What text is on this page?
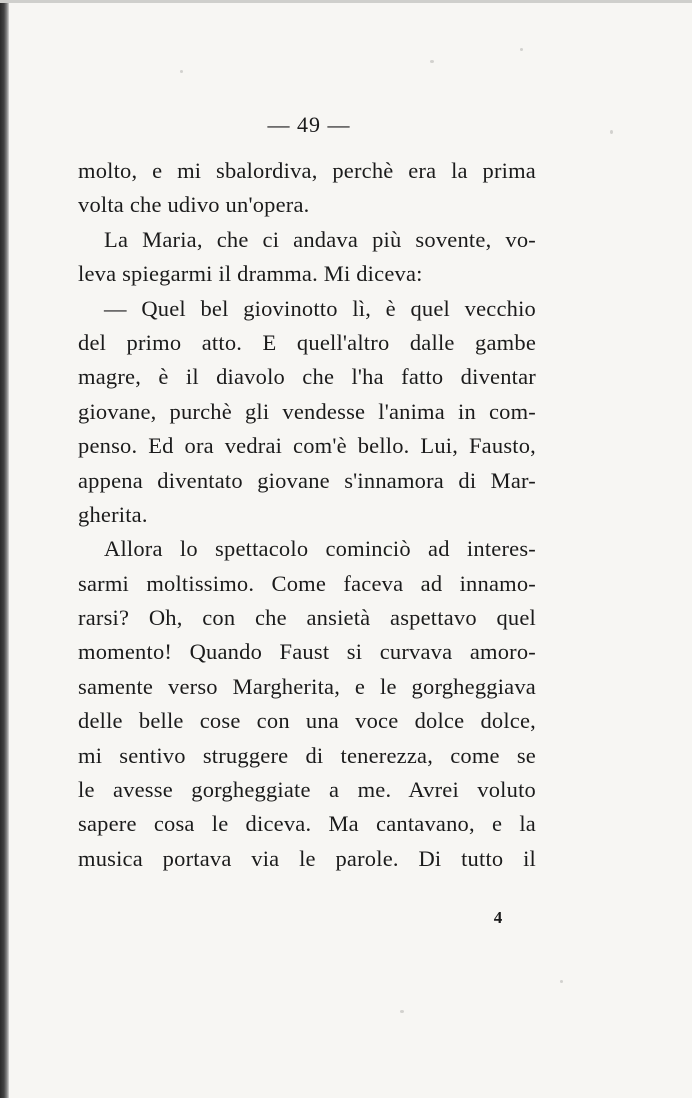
— 49 —
molto, e mi sbalordiva, perchè era la prima
volta che udivo un'opera.
La Maria, che ci andava più sovente, vo-
leva spiegarmi il dramma. Mi diceva:
— Quel bel giovinotto lì, è quel vecchio
del primo atto. E quell'altro dalle gambe
magre, è il diavolo che l'ha fatto diventar
giovane, purchè gli vendesse l'anima in com-
penso. Ed ora vedrai com'è bello. Lui, Fausto,
appena diventato giovane s'innamora di Mar-
gherita.
Allora lo spettacolo cominciò ad interes-
sarmi moltissimo. Come faceva ad innamo-
rarsi? Oh, con che ansietà aspettavo quel
momento! Quando Faust si curvava amoro-
samente verso Margherita, e le gorgheggiava
delle belle cose con una voce dolce dolce,
mi sentivo struggere di tenerezza, come se
le avesse gorgheggiate a me. Avrei voluto
sapere cosa le diceva. Ma cantavano, e la
musica portava via le parole. Di tutto il
4
